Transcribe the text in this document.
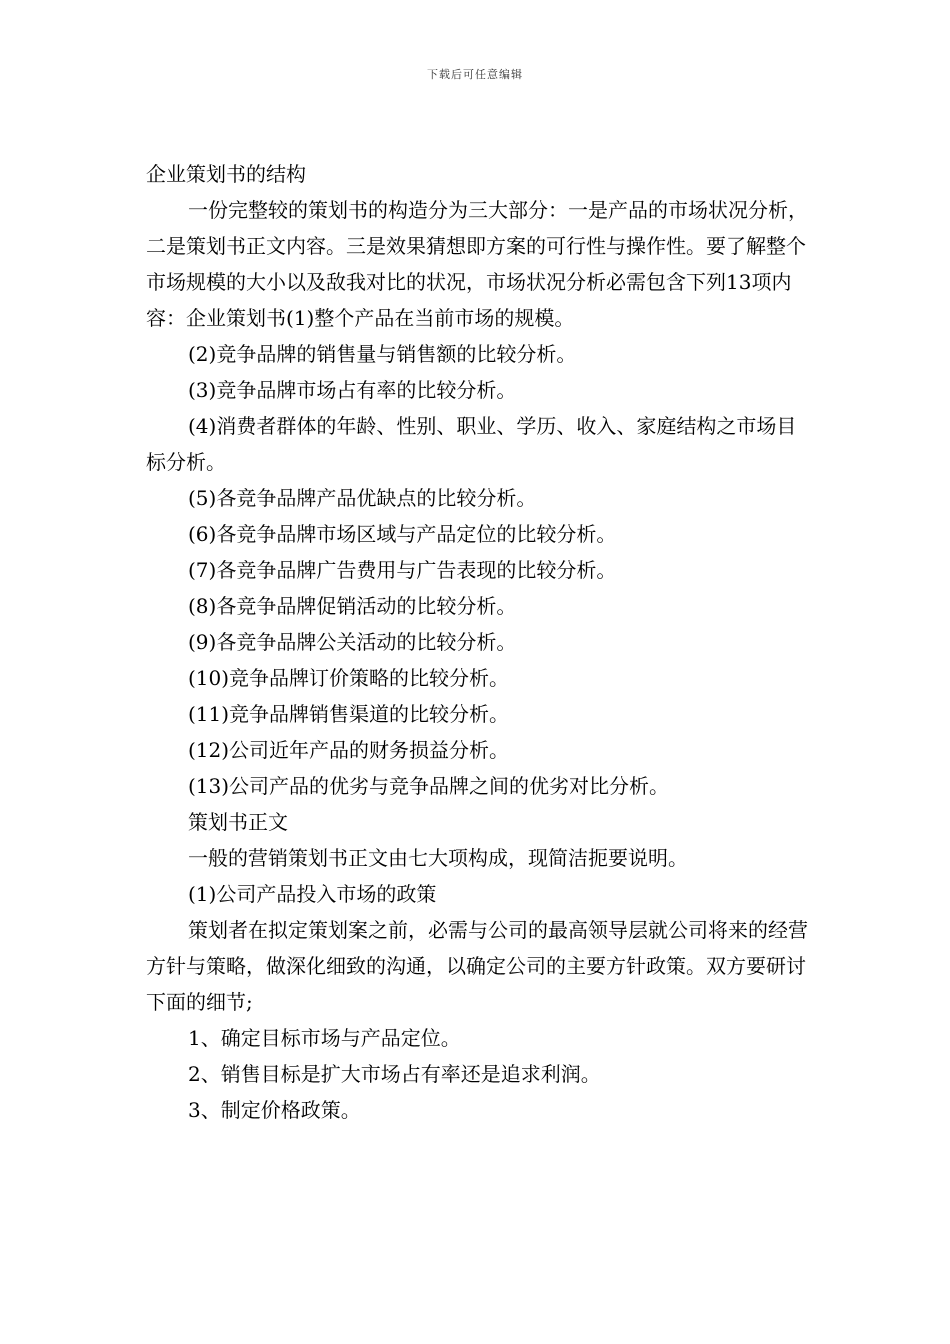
下载后可任意编辑

企业策划书的结构

一份完整较的策划书的构造分为三大部分：一是产品的市场状况分析，二是策划书正文内容。三是效果猜想即方案的可行性与操作性。要了解整个市场规模的大小以及敌我对比的状况，市场状况分析必需包含下列13项内容：企业策划书(1)整个产品在当前市场的规模。

(2)竞争品牌的销售量与销售额的比较分析。

(3)竞争品牌市场占有率的比较分析。

(4)消费者群体的年龄、性别、职业、学历、收入、家庭结构之市场目标分析。

(5)各竞争品牌产品优缺点的比较分析。

(6)各竞争品牌市场区域与产品定位的比较分析。

(7)各竞争品牌广告费用与广告表现的比较分析。

(8)各竞争品牌促销活动的比较分析。

(9)各竞争品牌公关活动的比较分析。

(10)竞争品牌订价策略的比较分析。

(11)竞争品牌销售渠道的比较分析。

(12)公司近年产品的财务损益分析。

(13)公司产品的优劣与竞争品牌之间的优劣对比分析。

策划书正文

一般的营销策划书正文由七大项构成，现简洁扼要说明。

(1)公司产品投入市场的政策

策划者在拟定策划案之前，必需与公司的最高领导层就公司将来的经营方针与策略，做深化细致的沟通，以确定公司的主要方针政策。双方要研讨下面的细节;

1、确定目标市场与产品定位。

2、销售目标是扩大市场占有率还是追求利润。

3、制定价格政策。
